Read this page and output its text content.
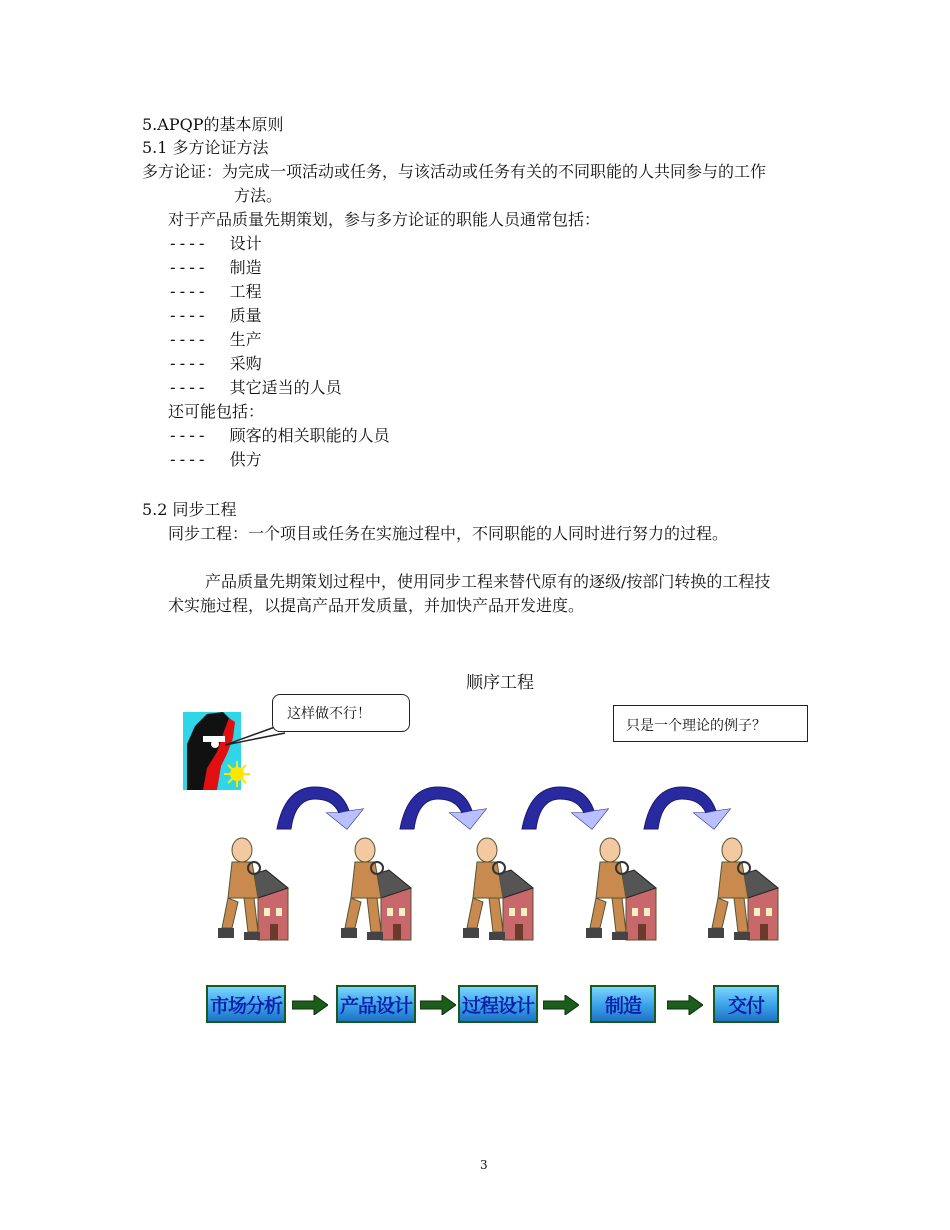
5.APQP的基本原则
5.1 多方论证方法
多方论证：为完成一项活动或任务，与该活动或任务有关的不同职能的人共同参与的工作
方法。
对于产品质量先期策划，参与多方论证的职能人员通常包括：
---- 设计
---- 制造
---- 工程
---- 质量
---- 生产
---- 采购
---- 其它适当的人员
还可能包括：
---- 顾客的相关职能的人员
---- 供方
5.2 同步工程
同步工程：一个项目或任务在实施过程中，不同职能的人同时进行努力的过程。
产品质量先期策划过程中，使用同步工程来替代原有的逐级/按部门转换的工程技
术实施过程，以提高产品开发质量，并加快产品开发进度。
顺序工程
这样做不行！
只是一个理论的例子？
市场分析	产品设计	过程设计	制造	交付
3
